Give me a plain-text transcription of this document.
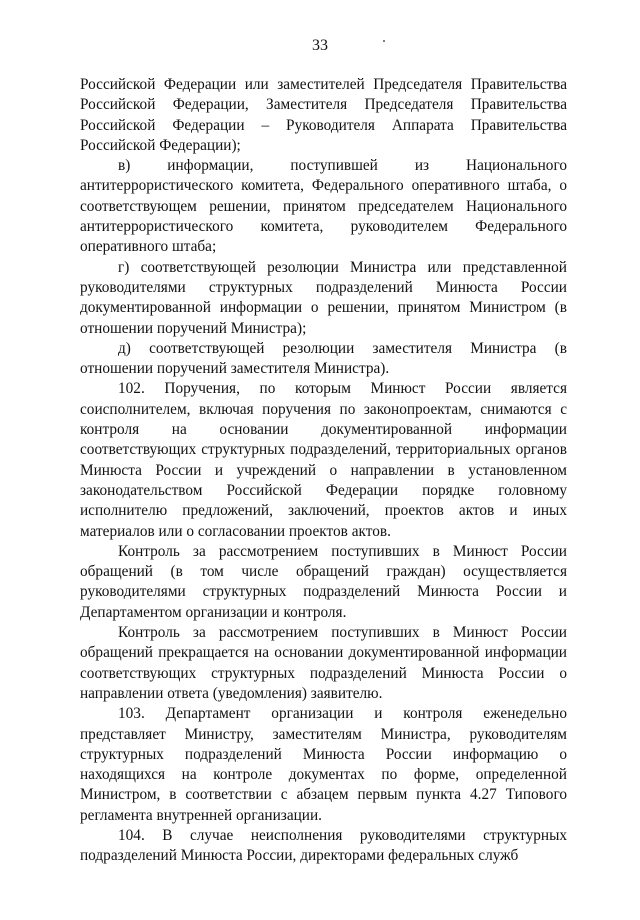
33

Российской Федерации или заместителей Председателя Правительства Российской Федерации, Заместителя Председателя Правительства Российской Федерации – Руководителя Аппарата Правительства Российской Федерации);

в) информации, поступившей из Национального антитеррористического комитета, Федерального оперативного штаба, о соответствующем решении, принятом председателем Национального антитеррористического комитета, руководителем Федерального оперативного штаба;

г) соответствующей резолюции Министра или представленной руководителями структурных подразделений Минюста России документированной информации о решении, принятом Министром (в отношении поручений Министра);

д) соответствующей резолюции заместителя Министра (в отношении поручений заместителя Министра).

102. Поручения, по которым Минюст России является соисполнителем, включая поручения по законопроектам, снимаются с контроля на основании документированной информации соответствующих структурных подразделений, территориальных органов Минюста России и учреждений о направлении в установленном законодательством Российской Федерации порядке головному исполнителю предложений, заключений, проектов актов и иных материалов или о согласовании проектов актов.

Контроль за рассмотрением поступивших в Минюст России обращений (в том числе обращений граждан) осуществляется руководителями структурных подразделений Минюста России и Департаментом организации и контроля.

Контроль за рассмотрением поступивших в Минюст России обращений прекращается на основании документированной информации соответствующих структурных подразделений Минюста России о направлении ответа (уведомления) заявителю.

103. Департамент организации и контроля еженедельно представляет Министру, заместителям Министра, руководителям структурных подразделений Минюста России информацию о находящихся на контроле документах по форме, определенной Министром, в соответствии с абзацем первым пункта 4.27 Типового регламента внутренней организации.

104. В случае неисполнения руководителями структурных подразделений Минюста России, директорами федеральных служб
